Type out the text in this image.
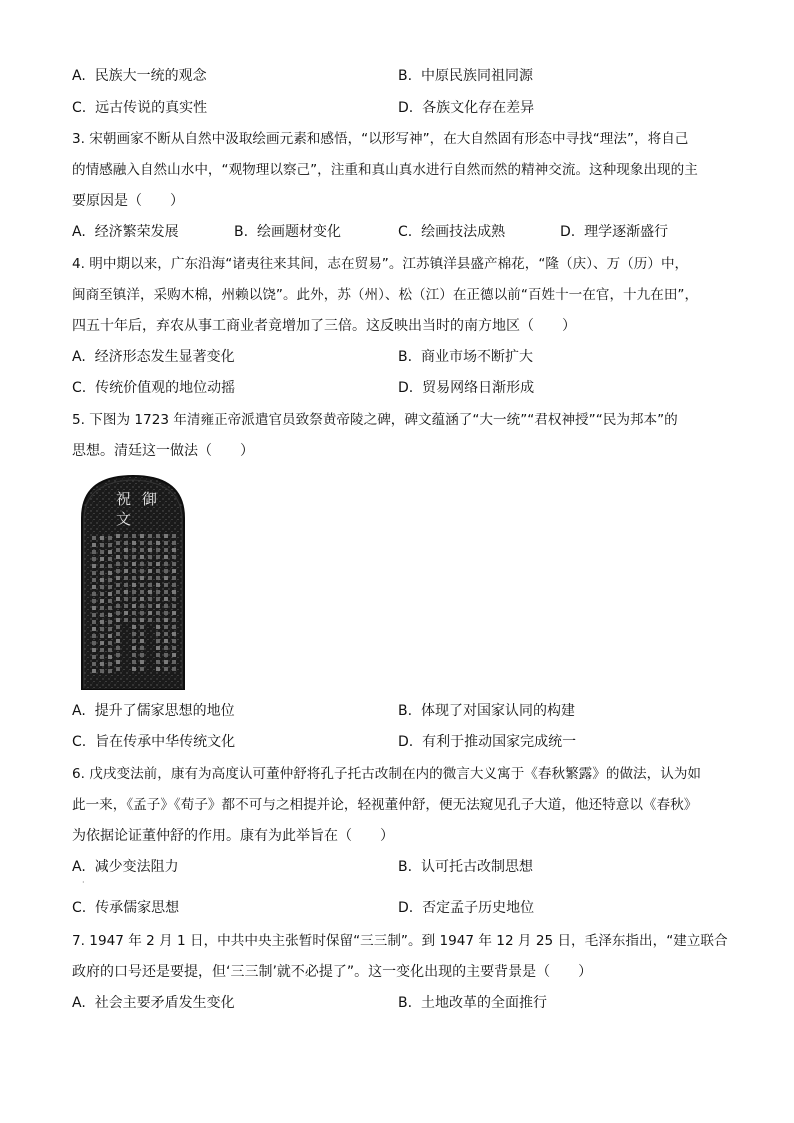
A. 民族大一统的观念	B. 中原民族同祖同源
C. 远古传说的真实性	D. 各族文化存在差异
3. 宋朝画家不断从自然中汲取绘画元素和感悟，“以形写神”，在大自然固有形态中寻找“理法”，将自己
的情感融入自然山水中，“观物理以察己”，注重和真山真水进行自然而然的精神交流。这种现象出现的主
要原因是（　　）
A. 经济繁荣发展	B. 绘画题材变化	C. 绘画技法成熟	D. 理学逐渐盛行
4. 明中期以来，广东沿海“诸夷往来其间，志在贸易”。江苏镇洋县盛产棉花，“隆（庆）、万（历）中，
闽商至镇洋，采购木棉，州赖以饶”。此外，苏（州）、松（江）在正德以前“百姓十一在官，十九在田”，
四五十年后，弃农从事工商业者竟增加了三倍。这反映出当时的南方地区（　　）
A. 经济形态发生显著变化	B. 商业市场不断扩大
C. 传统价值观的地位动摇	D. 贸易网络日渐形成
5. 下图为 1723 年清雍正帝派遣官员致祭黄帝陵之碑，碑文蕴涵了“大一统”“君权神授”“民为邦本”的
思想。清廷这一做法（　　）
祝 御
文
A. 提升了儒家思想的地位	B. 体现了对国家认同的构建
C. 旨在传承中华传统文化	D. 有利于推动国家完成统一
6. 戊戌变法前，康有为高度认可董仲舒将孔子托古改制在内的微言大义寓于《春秋繁露》的做法，认为如
此一来，《孟子》《荀子》都不可与之相提并论，轻视董仲舒，便无法窥见孔子大道，他还特意以《春秋》
为依据论证董仲舒的作用。康有为此举旨在（　　）
A. 减少变法阻力	B. 认可托古改制思想
·
C. 传承儒家思想	D. 否定孟子历史地位
7. 1947 年 2 月 1 日，中共中央主张暂时保留“三三制”。到 1947 年 12 月 25 日，毛泽东指出，“建立联合
政府的口号还是要提，但‘三三制’就不必提了”。这一变化出现的主要背景是（　　）
A. 社会主要矛盾发生变化	B. 土地改革的全面推行
